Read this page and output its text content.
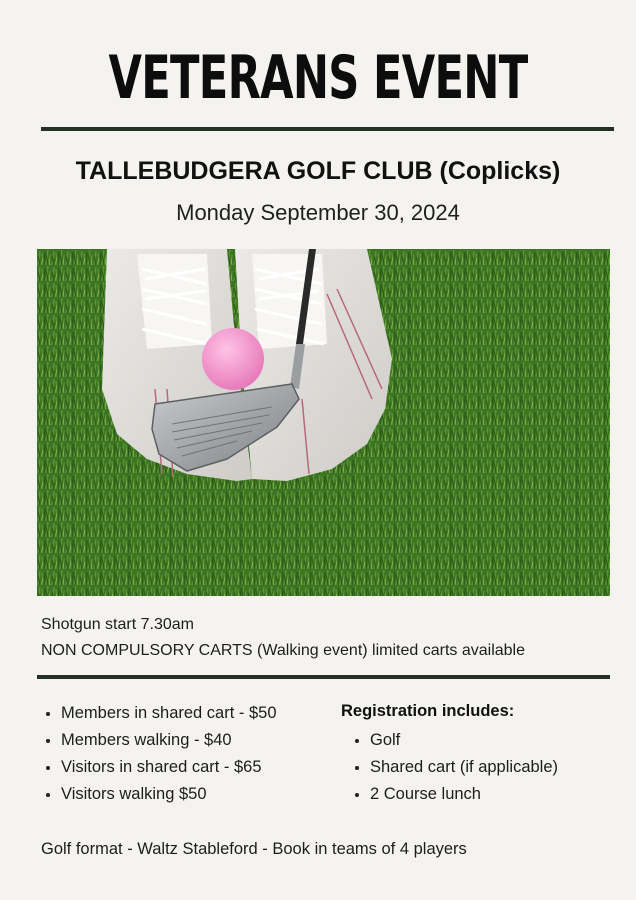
VETERANS EVENT
TALLEBUDGERA GOLF CLUB (Coplicks)
Monday September 30, 2024
Shotgun start 7.30am
NON COMPULSORY CARTS (Walking event) limited carts available
Members in shared cart - $50
Members walking - $40
Visitors in shared cart - $65
Visitors walking $50
Registration includes:
Golf
Shared cart (if applicable)
2 Course lunch
Golf format - Waltz Stableford - Book in teams of 4 players
